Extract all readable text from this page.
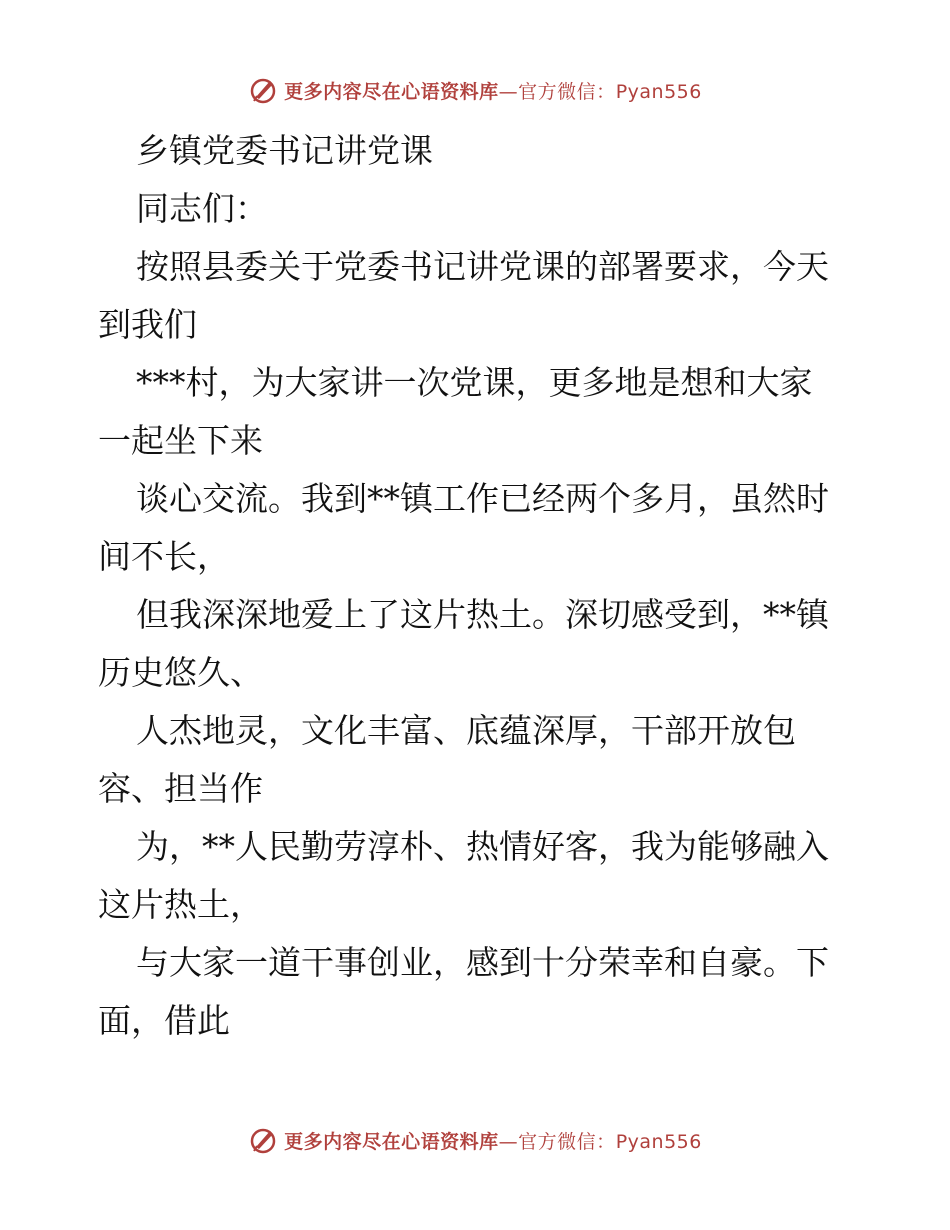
更多内容尽在心语资料库—官方微信：Pyan556
乡镇党委书记讲党课
同志们：
按照县委关于党委书记讲党课的部署要求，今天
到我们
***村，为大家讲一次党课，更多地是想和大家
一起坐下来
谈心交流。我到**镇工作已经两个多月，虽然时
间不长，
但我深深地爱上了这片热土。深切感受到，**镇
历史悠久、
人杰地灵，文化丰富、底蕴深厚，干部开放包
容、担当作
为，**人民勤劳淳朴、热情好客，我为能够融入
这片热土，
与大家一道干事创业，感到十分荣幸和自豪。下
面，借此
更多内容尽在心语资料库—官方微信：Pyan556
